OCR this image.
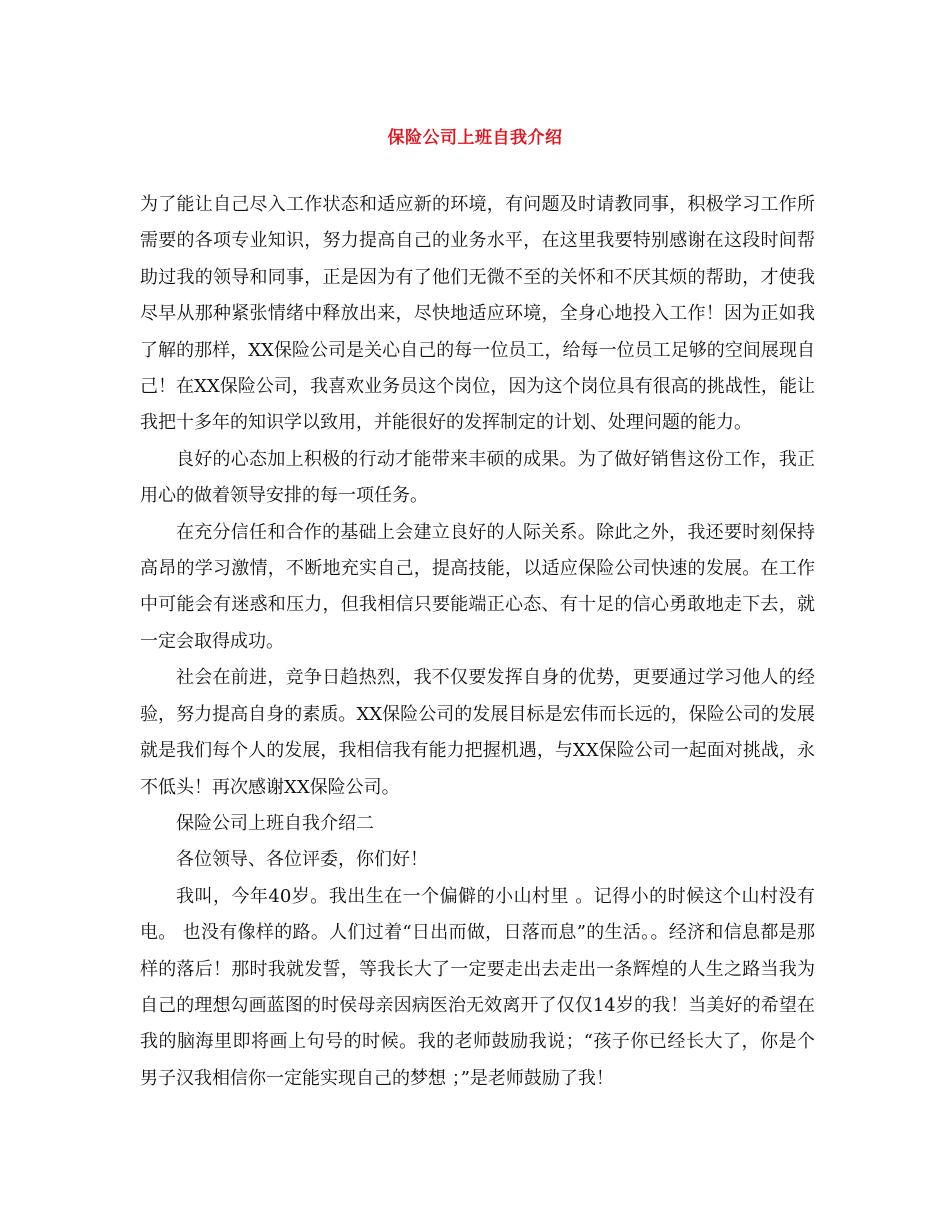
保险公司上班自我介绍

为了能让自己尽入工作状态和适应新的环境，有问题及时请教同事，积极学习工作所需要的各项专业知识，努力提高自己的业务水平，在这里我要特别感谢在这段时间帮助过我的领导和同事，正是因为有了他们无微不至的关怀和不厌其烦的帮助，才使我尽早从那种紧张情绪中释放出来，尽快地适应环境，全身心地投入工作！因为正如我了解的那样，XX保险公司是关心自己的每一位员工，给每一位员工足够的空间展现自己！在XX保险公司，我喜欢业务员这个岗位，因为这个岗位具有很高的挑战性，能让我把十多年的知识学以致用，并能很好的发挥制定的计划、处理问题的能力。

良好的心态加上积极的行动才能带来丰硕的成果。为了做好销售这份工作，我正用心的做着领导安排的每一项任务。

在充分信任和合作的基础上会建立良好的人际关系。除此之外，我还要时刻保持高昂的学习激情，不断地充实自己，提高技能，以适应保险公司快速的发展。在工作中可能会有迷惑和压力，但我相信只要能端正心态、有十足的信心勇敢地走下去，就一定会取得成功。

社会在前进，竞争日趋热烈，我不仅要发挥自身的优势，更要通过学习他人的经验，努力提高自身的素质。XX保险公司的发展目标是宏伟而长远的，保险公司的发展就是我们每个人的发展，我相信我有能力把握机遇，与XX保险公司一起面对挑战，永不低头！再次感谢XX保险公司。

保险公司上班自我介绍二

各位领导、各位评委，你们好！

我叫，今年40岁。我出生在一个偏僻的小山村里 。记得小的时候这个山村没有电。 也没有像样的路。人们过着“日出而做，日落而息”的生活。。经济和信息都是那样的落后！那时我就发誓，等我长大了一定要走出去走出一条辉煌的人生之路当我为自己的理想勾画蓝图的时侯母亲因病医治无效离开了仅仅14岁的我！当美好的希望在我的脑海里即将画上句号的时候。我的老师鼓励我说；“孩子你已经长大了，你是个男子汉我相信你一定能实现自己的梦想 ；”是老师鼓励了我！
